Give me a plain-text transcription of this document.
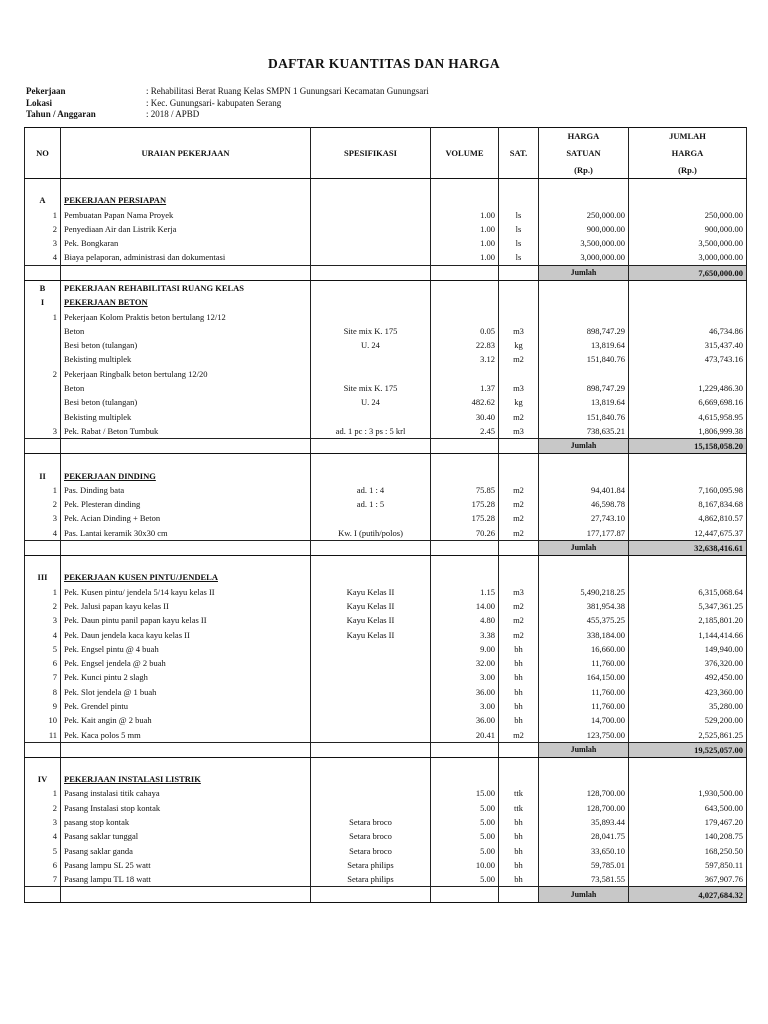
DAFTAR KUANTITAS DAN HARGA
Pekerjaan	: Rehabilitasi Berat Ruang Kelas SMPN 1 Gunungsari Kecamatan Gunungsari
Lokasi	: Kec. Gunungsari- kabupaten Serang
Tahun / Anggaran	: 2018 / APBD
					HARGA	JUMLAH
NO	URAIAN PEKERJAAN	SPESIFIKASI	VOLUME	SAT.	SATUAN	HARGA
					(Rp.)	(Rp.)

A	PEKERJAAN PERSIAPAN					
1	Pembuatan Papan Nama Proyek		1.00	ls	250,000.00	250,000.00
2	Penyediaan Air dan Listrik Kerja		1.00	ls	900,000.00	900,000.00
3	Pek. Bongkaran		1.00	ls	3,500,000.00	3,500,000.00
4	Biaya pelaporan, administrasi dan dokumentasi		1.00	ls	3,000,000.00	3,000,000.00
					Jumlah	7,650,000.00
B	PEKERJAAN REHABILITASI RUANG KELAS					
I	PEKERJAAN BETON					
1	Pekerjaan Kolom Praktis beton bertulang 12/12					
	Beton	Site mix K. 175	0.05	m3	898,747.29	46,734.86
	Besi beton (tulangan)	U. 24	22.83	kg	13,819.64	315,437.40
	Bekisting multiplek		3.12	m2	151,840.76	473,743.16
2	Pekerjaan Ringbalk beton bertulang 12/20					
	Beton	Site mix K. 175	1.37	m3	898,747.29	1,229,486.30
	Besi beton (tulangan)	U. 24	482.62	kg	13,819.64	6,669,698.16
	Bekisting multiplek		30.40	m2	151,840.76	4,615,958.95
3	Pek. Rabat / Beton Tumbuk	ad. 1 pc : 3 ps : 5 krl	2.45	m3	738,635.21	1,806,999.38
					Jumlah	15,158,058.20

II	PEKERJAAN DINDING					
1	Pas. Dinding bata	ad. 1 : 4	75.85	m2	94,401.84	7,160,095.98
2	Pek. Plesteran dinding	ad. 1 : 5	175.28	m2	46,598.78	8,167,834.68
3	Pek. Acian Dinding + Beton		175.28	m2	27,743.10	4,862,810.57
4	Pas. Lantai keramik 30x30 cm	Kw. I (putih/polos)	70.26	m2	177,177.87	12,447,675.37
					Jumlah	32,638,416.61

III	PEKERJAAN KUSEN PINTU/JENDELA					
1	Pek. Kusen pintu/ jendela 5/14 kayu kelas II	Kayu Kelas II	1.15	m3	5,490,218.25	6,315,068.64
2	Pek. Jalusi papan kayu kelas II	Kayu Kelas II	14.00	m2	381,954.38	5,347,361.25
3	Pek. Daun pintu panil papan kayu kelas II	Kayu Kelas II	4.80	m2	455,375.25	2,185,801.20
4	Pek. Daun jendela kaca kayu kelas II	Kayu Kelas II	3.38	m2	338,184.00	1,144,414.66
5	Pek. Engsel pintu @ 4 buah		9.00	bh	16,660.00	149,940.00
6	Pek. Engsel jendela @ 2 buah		32.00	bh	11,760.00	376,320.00
7	Pek. Kunci pintu 2 slagh		3.00	bh	164,150.00	492,450.00
8	Pek. Slot jendela @ 1 buah		36.00	bh	11,760.00	423,360.00
9	Pek. Grendel pintu		3.00	bh	11,760.00	35,280.00
10	Pek. Kait angin @ 2 buah		36.00	bh	14,700.00	529,200.00
11	Pek. Kaca polos 5 mm		20.41	m2	123,750.00	2,525,861.25
					Jumlah	19,525,057.00

IV	PEKERJAAN INSTALASI LISTRIK					
1	Pasang instalasi titik cahaya		15.00	ttk	128,700.00	1,930,500.00
2	Pasang Instalasi stop kontak		5.00	ttk	128,700.00	643,500.00
3	pasang stop kontak	Setara broco	5.00	bh	35,893.44	179,467.20
4	Pasang saklar tunggal	Setara broco	5.00	bh	28,041.75	140,208.75
5	Pasang saklar ganda	Setara broco	5.00	bh	33,650.10	168,250.50
6	Pasang lampu SL 25 watt	Setara philips	10.00	bh	59,785.01	597,850.11
7	Pasang lampu TL 18 watt	Setara philips	5.00	bh	73,581.55	367,907.76
					Jumlah	4,027,684.32
